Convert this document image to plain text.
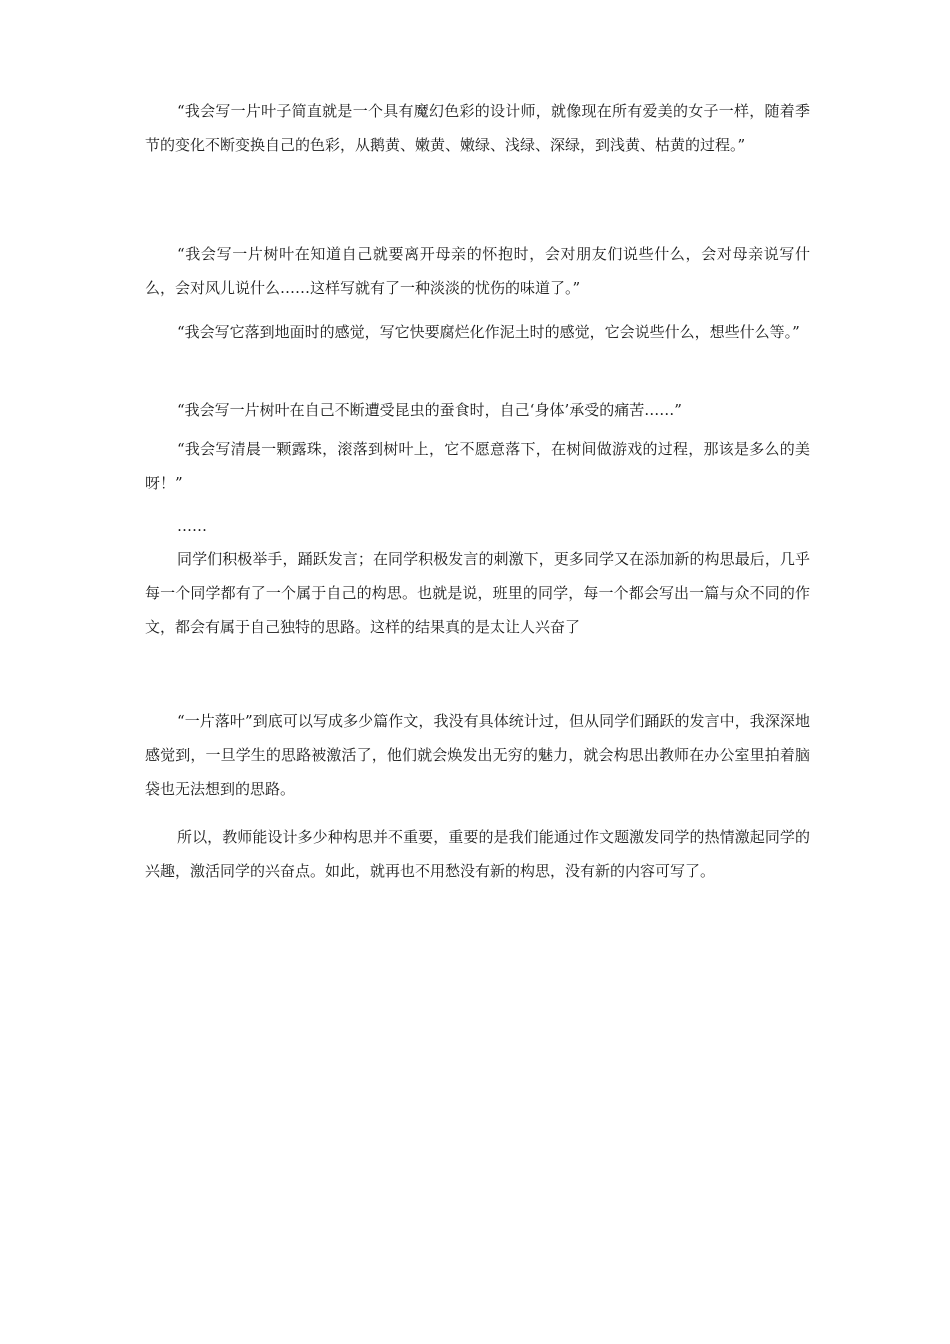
“我会写一片叶子简直就是一个具有魔幻色彩的设计师，就像现在所有爱美的女子一样，随着季节的变化不断变换自己的色彩，从鹅黄、嫩黄、嫩绿、浅绿、深绿，到浅黄、枯黄的过程。”

“我会写一片树叶在知道自己就要离开母亲的怀抱时，会对朋友们说些什么，会对母亲说写什么，会对风儿说什么……这样写就有了一种淡淡的忧伤的味道了。”

“我会写它落到地面时的感觉，写它快要腐烂化作泥土时的感觉，它会说些什么，想些什么等。”

“我会写一片树叶在自己不断遭受昆虫的蚕食时，自己‘身体’承受的痛苦……”

“我会写清晨一颗露珠，滚落到树叶上，它不愿意落下，在树间做游戏的过程，那该是多么的美呀！”

……

同学们积极举手，踊跃发言；在同学积极发言的刺激下，更多同学又在添加新的构思最后，几乎每一个同学都有了一个属于自己的构思。也就是说，班里的同学，每一个都会写出一篇与众不同的作文，都会有属于自己独特的思路。这样的结果真的是太让人兴奋了

“一片落叶”到底可以写成多少篇作文，我没有具体统计过，但从同学们踊跃的发言中，我深深地感觉到，一旦学生的思路被激活了，他们就会焕发出无穷的魅力，就会构思出教师在办公室里拍着脑袋也无法想到的思路。

所以，教师能设计多少种构思并不重要，重要的是我们能通过作文题激发同学的热情激起同学的兴趣，激活同学的兴奋点。如此，就再也不用愁没有新的构思，没有新的内容可写了。
